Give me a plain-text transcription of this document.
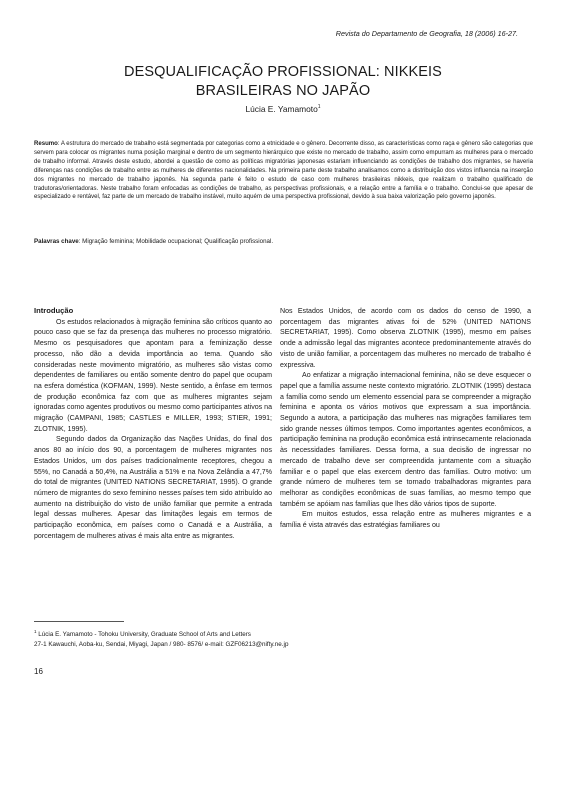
Revista do Departamento de Geografia, 18 (2006) 16-27.
DESQUALIFICAÇÃO PROFISSIONAL: NIKKEIS
BRASILEIRAS NO JAPÃO
Lúcia E. Yamamoto$^1$
Resumo: A estrutura do mercado de trabalho está segmentada por categorias como a etnicidade e o gênero. Decorrente disso, as características como raça e gênero são categorias que servem para colocar os migrantes numa posição marginal e dentro de um segmento hierárquico que existe no mercado de trabalho, assim como empurram as mulheres para o mercado de trabalho informal. Através deste estudo, abordei a questão de como as políticas migratórias japonesas estariam influenciando as condições de trabalho dos migrantes, se haveria diferenças nas condições de trabalho entre as mulheres de diferentes nacionalidades. Na primeira parte deste trabalho analisamos como a distribuição dos vistos influencia na inserção dos migrantes no mercado de trabalho japonês. Na segunda parte é feito o estudo de caso com mulheres brasileiras nikkeis, que realizam o trabalho qualificado de tradutoras/orientadoras. Neste trabalho foram enfocadas as condições de trabalho, as perspectivas profissionais, e a relação entre a família e o trabalho. Conclui-se que apesar de especializado e rentável, faz parte de um mercado de trabalho instável, muito aquém de uma perspectiva profissional, devido à sua baixa valorização pelo governo japonês.
Palavras chave: Migração feminina; Mobilidade ocupacional; Qualificação profissional.
Introdução

Os estudos relacionados à migração feminina são críticos quanto ao pouco caso que se faz da presença das mulheres no processo migratório. Mesmo os pesquisadores que apontam para a feminização desse processo, não dão a devida importância ao tema. Quando são consideradas neste movimento migratório, as mulheres são vistas como dependentes de familiares ou então somente dentro do papel que ocupam na esfera doméstica (KOFMAN, 1999). Neste sentido, a ênfase em termos de produção econômica faz com que as mulheres migrantes sejam ignoradas como agentes produtivos ou mesmo como participantes ativos na migração (CAMPANI, 1985; CASTLES e MILLER, 1993; STIER, 1991; ZLOTNIK, 1995).

Segundo dados da Organização das Nações Unidas, do final dos anos 80 ao início dos 90, a porcentagem de mulheres migrantes nos Estados Unidos, um dos países tradicionalmente receptores, chegou a 55%, no Canadá a 50,4%, na Austrália a 51% e na Nova Zelândia a 47,7% do total de migrantes (UNITED NATIONS SECRETARIAT, 1995). O grande número de migrantes do sexo feminino nesses países tem sido atribuído ao aumento na distribuição do visto de união familiar que permite a entrada legal dessas mulheres. Apesar das limitações legais em termos de participação econômica, em países como o Canadá e a Austrália, a porcentagem de mulheres ativas é mais alta entre as migrantes.

Nos Estados Unidos, de acordo com os dados do censo de 1990, a porcentagem das migrantes ativas foi de 52% (UNITED NATIONS SECRETARIAT, 1995). Como observa ZLOTNIK (1995), mesmo em países onde a admissão legal das migrantes acontece predominantemente através do visto de união familiar, a porcentagem das mulheres no mercado de trabalho é expressiva.

Ao enfatizar a migração internacional feminina, não se deve esquecer o papel que a família assume neste contexto migratório. ZLOTNIK (1995) destaca a família como sendo um elemento essencial para se compreender a migração feminina e aponta os vários motivos que expressam a sua importância. Segundo a autora, a participação das mulheres nas migrações familiares tem sido grande nesses últimos tempos. Como importantes agentes econômicos, a participação feminina na produção econômica está intrinsecamente relacionada às necessidades familiares. Dessa forma, a sua decisão de ingressar no mercado de trabalho deve ser compreendida juntamente com a situação familiar e o papel que elas exercem dentro das famílias. Outro motivo: um grande número de mulheres tem se tornado trabalhadoras migrantes para melhorar as condições econômicas de suas famílias, ao mesmo tempo que também se apóiam nas famílias que lhes dão vários tipos de suporte.

Em muitos estudos, essa relação entre as mulheres migrantes e a família é vista através das estratégias familiares ou

$^1$ Lúcia E. Yamamoto - Tohoku University, Graduate School of Arts and Letters
27-1 Kawauchi, Aoba-ku, Sendai, Miyagi, Japan / 980- 8576/ e-mail: GZF06213@nifty.ne.jp
16
